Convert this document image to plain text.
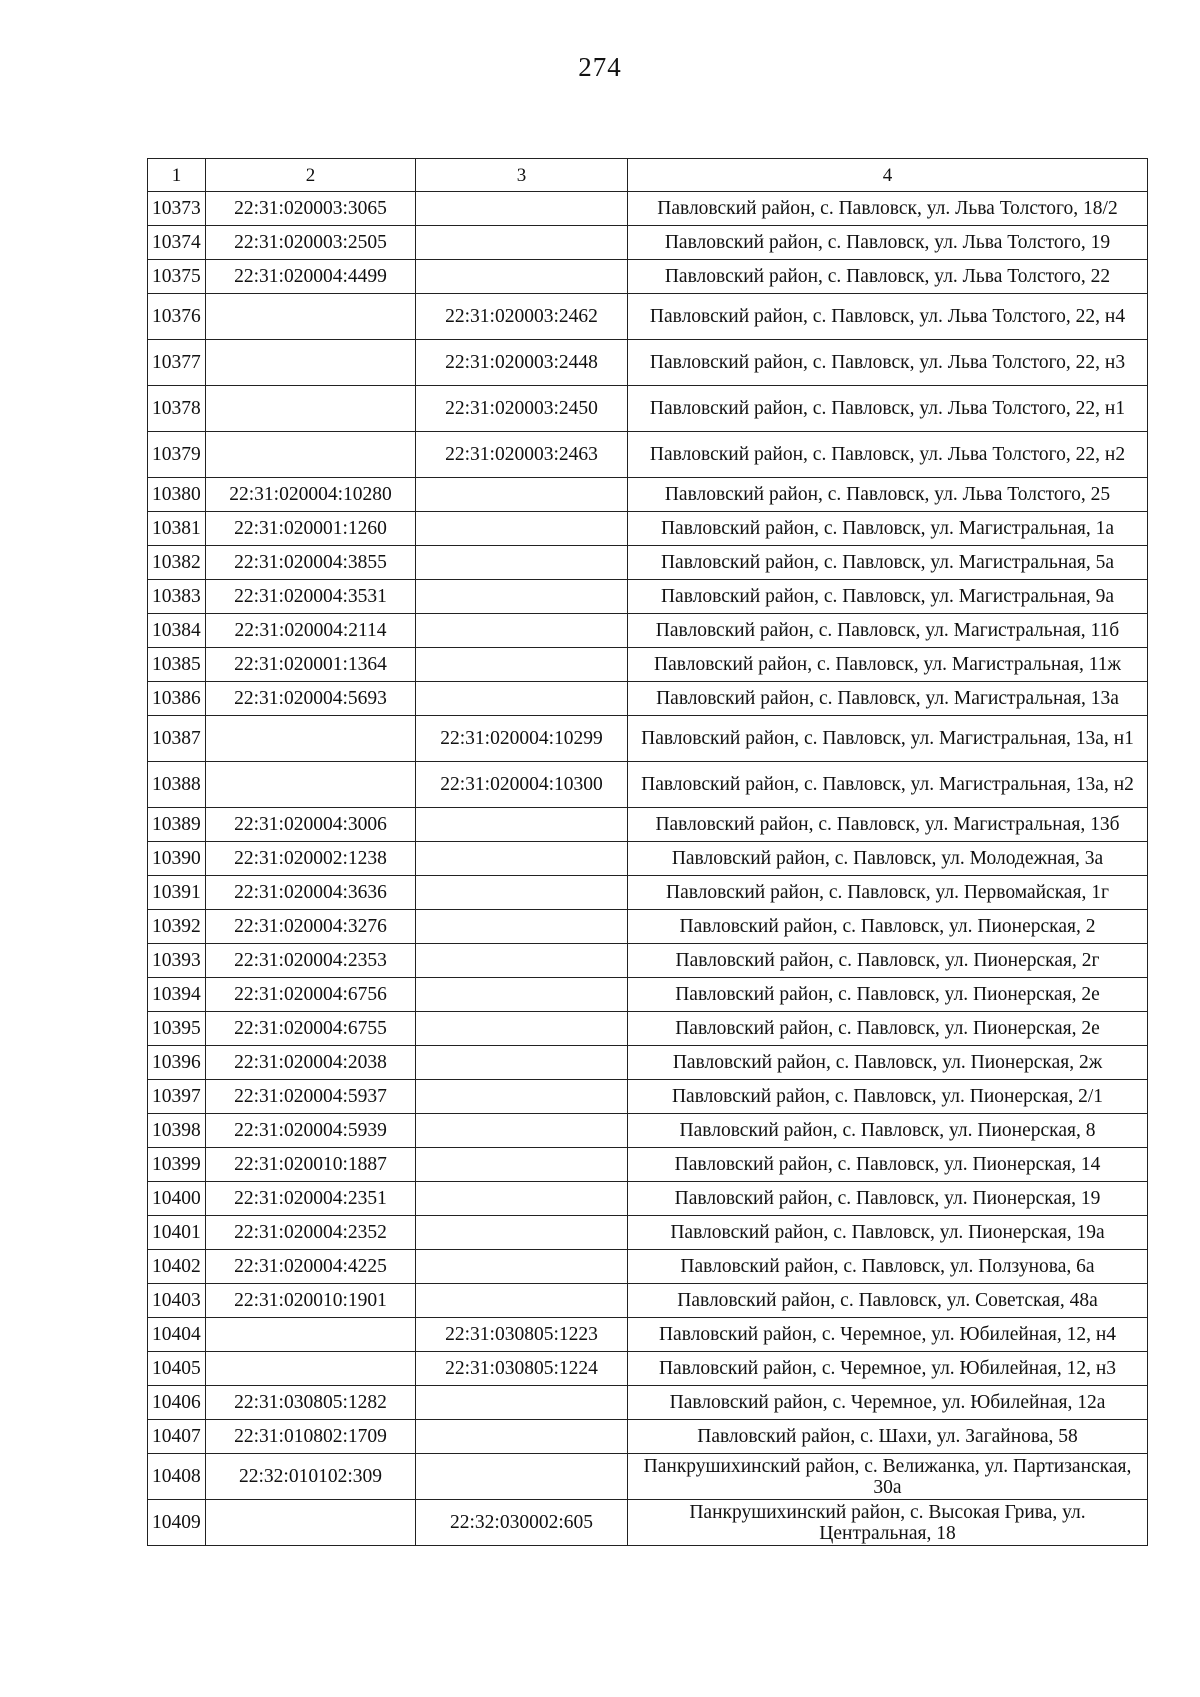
274
1	2	3	4
10373	22:31:020003:3065		Павловский район, с. Павловск, ул. Льва Толстого, 18/2
10374	22:31:020003:2505		Павловский район, с. Павловск, ул. Льва Толстого, 19
10375	22:31:020004:4499		Павловский район, с. Павловск, ул. Льва Толстого, 22
10376		22:31:020003:2462	Павловский район, с. Павловск, ул. Льва Толстого, 22, н4
10377		22:31:020003:2448	Павловский район, с. Павловск, ул. Льва Толстого, 22, н3
10378		22:31:020003:2450	Павловский район, с. Павловск, ул. Льва Толстого, 22, н1
10379		22:31:020003:2463	Павловский район, с. Павловск, ул. Льва Толстого, 22, н2
10380	22:31:020004:10280		Павловский район, с. Павловск, ул. Льва Толстого, 25
10381	22:31:020001:1260		Павловский район, с. Павловск, ул. Магистральная, 1а
10382	22:31:020004:3855		Павловский район, с. Павловск, ул. Магистральная, 5а
10383	22:31:020004:3531		Павловский район, с. Павловск, ул. Магистральная, 9а
10384	22:31:020004:2114		Павловский район, с. Павловск, ул. Магистральная, 11б
10385	22:31:020001:1364		Павловский район, с. Павловск, ул. Магистральная, 11ж
10386	22:31:020004:5693		Павловский район, с. Павловск, ул. Магистральная, 13а
10387		22:31:020004:10299	Павловский район, с. Павловск, ул. Магистральная, 13а, н1
10388		22:31:020004:10300	Павловский район, с. Павловск, ул. Магистральная, 13а, н2
10389	22:31:020004:3006		Павловский район, с. Павловск, ул. Магистральная, 13б
10390	22:31:020002:1238		Павловский район, с. Павловск, ул. Молодежная, 3а
10391	22:31:020004:3636		Павловский район, с. Павловск, ул. Первомайская, 1г
10392	22:31:020004:3276		Павловский район, с. Павловск, ул. Пионерская, 2
10393	22:31:020004:2353		Павловский район, с. Павловск, ул. Пионерская, 2г
10394	22:31:020004:6756		Павловский район, с. Павловск, ул. Пионерская, 2е
10395	22:31:020004:6755		Павловский район, с. Павловск, ул. Пионерская, 2е
10396	22:31:020004:2038		Павловский район, с. Павловск, ул. Пионерская, 2ж
10397	22:31:020004:5937		Павловский район, с. Павловск, ул. Пионерская, 2/1
10398	22:31:020004:5939		Павловский район, с. Павловск, ул. Пионерская, 8
10399	22:31:020010:1887		Павловский район, с. Павловск, ул. Пионерская, 14
10400	22:31:020004:2351		Павловский район, с. Павловск, ул. Пионерская, 19
10401	22:31:020004:2352		Павловский район, с. Павловск, ул. Пионерская, 19а
10402	22:31:020004:4225		Павловский район, с. Павловск, ул. Ползунова, 6а
10403	22:31:020010:1901		Павловский район, с. Павловск, ул. Советская, 48а
10404		22:31:030805:1223	Павловский район, с. Черемное, ул. Юбилейная, 12, н4
10405		22:31:030805:1224	Павловский район, с. Черемное, ул. Юбилейная, 12, н3
10406	22:31:030805:1282		Павловский район, с. Черемное, ул. Юбилейная, 12а
10407	22:31:010802:1709		Павловский район, с. Шахи, ул. Загайнова, 58
10408	22:32:010102:309		Панкрушихинский район, с. Велижанка, ул. Партизанская, 30а
10409		22:32:030002:605	Панкрушихинский район, с. Высокая Грива, ул. Центральная, 18
